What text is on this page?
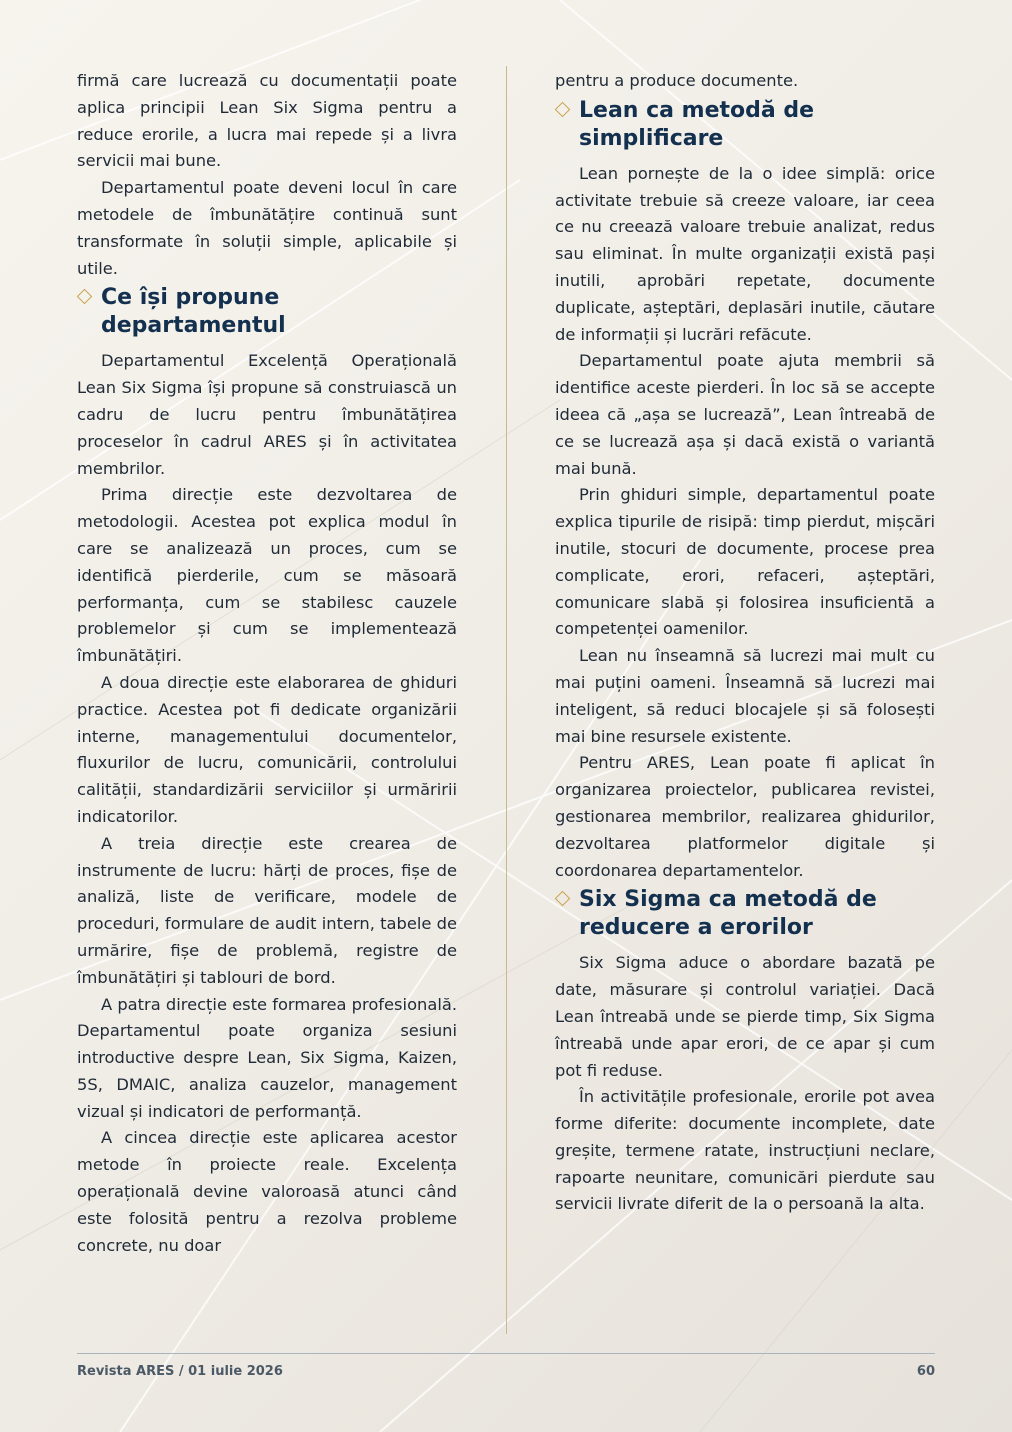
firmă care lucrează cu documentații poate aplica principii Lean Six Sigma pentru a reduce erorile, a lucra mai repede și a livra servicii mai bune.

Departamentul poate deveni locul în care metodele de îmbunătățire continuă sunt transformate în soluții simple, aplicabile și utile.

Ce își propune departamentul

Departamentul Excelență Operațională Lean Six Sigma își propune să construiască un cadru de lucru pentru îmbunătățirea proceselor în cadrul ARES și în activitatea membrilor.

Prima direcție este dezvoltarea de metodologii. Acestea pot explica modul în care se analizează un proces, cum se identifică pierderile, cum se măsoară performanța, cum se stabilesc cauzele problemelor și cum se implementează îmbunătățiri.

A doua direcție este elaborarea de ghiduri practice. Acestea pot fi dedicate organizării interne, managementului documentelor, fluxurilor de lucru, comunicării, controlului calității, standardizării serviciilor și urmăririi indicatorilor.

A treia direcție este crearea de instrumente de lucru: hărți de proces, fișe de analiză, liste de verificare, modele de proceduri, formulare de audit intern, tabele de urmărire, fișe de problemă, registre de îmbunătățiri și tablouri de bord.

A patra direcție este formarea profesională. Departamentul poate organiza sesiuni introductive despre Lean, Six Sigma, Kaizen, 5S, DMAIC, analiza cauzelor, management vizual și indicatori de performanță.

A cincea direcție este aplicarea acestor metode în proiecte reale. Excelența operațională devine valoroasă atunci când este folosită pentru a rezolva probleme concrete, nu doar

pentru a produce documente.

Lean ca metodă de simplificare

Lean pornește de la o idee simplă: orice activitate trebuie să creeze valoare, iar ceea ce nu creează valoare trebuie analizat, redus sau eliminat. În multe organizații există pași inutili, aprobări repetate, documente duplicate, așteptări, deplasări inutile, căutare de informații și lucrări refăcute.

Departamentul poate ajuta membrii să identifice aceste pierderi. În loc să se accepte ideea că „așa se lucrează”, Lean întreabă de ce se lucrează așa și dacă există o variantă mai bună.

Prin ghiduri simple, departamentul poate explica tipurile de risipă: timp pierdut, mișcări inutile, stocuri de documente, procese prea complicate, erori, refaceri, așteptări, comunicare slabă și folosirea insuficientă a competenței oamenilor.

Lean nu înseamnă să lucrezi mai mult cu mai puțini oameni. Înseamnă să lucrezi mai inteligent, să reduci blocajele și să folosești mai bine resursele existente.

Pentru ARES, Lean poate fi aplicat în organizarea proiectelor, publicarea revistei, gestionarea membrilor, realizarea ghidurilor, dezvoltarea platformelor digitale și coordonarea departamentelor.

Six Sigma ca metodă de reducere a erorilor

Six Sigma aduce o abordare bazată pe date, măsurare și controlul variației. Dacă Lean întreabă unde se pierde timp, Six Sigma întreabă unde apar erori, de ce apar și cum pot fi reduse.

În activitățile profesionale, erorile pot avea forme diferite: documente incomplete, date greșite, termene ratate, instrucțiuni neclare, rapoarte neunitare, comunicări pierdute sau servicii livrate diferit de la o persoană la alta.

Revista ARES / 01 iulie 2026	60
